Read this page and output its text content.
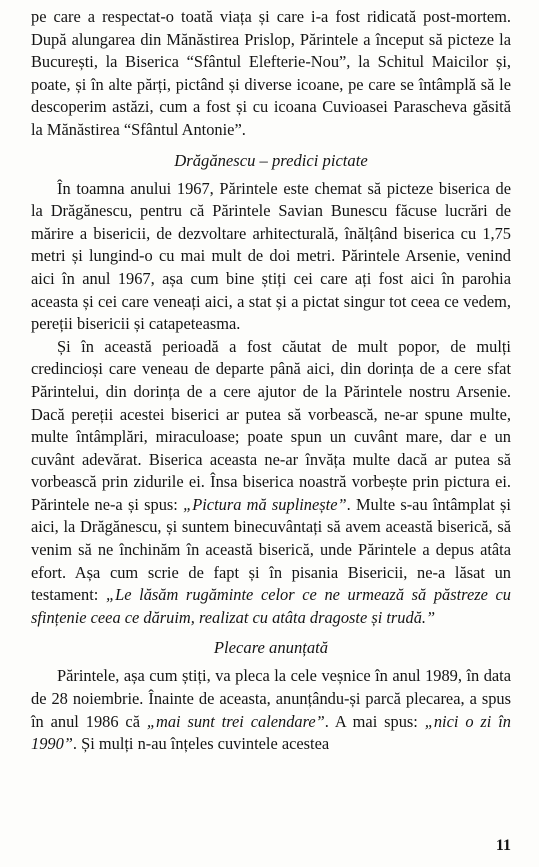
pe care a respectat-o toată viața și care i-a fost ridicată post-mortem. După alungarea din Mănăstirea Prislop, Părintele a început să picteze la București, la Biserica “Sfântul Elefterie-Nou”, la Schitul Maicilor și, poate, și în alte părți, pictând și diverse icoane, pe care se întâmplă să le descoperim astăzi, cum a fost și cu icoana Cuvioasei Parascheva găsită la Mănăstirea “Sfântul Antonie”.

Drăgănescu – predici pictate

În toamna anului 1967, Părintele este chemat să picteze biserica de la Drăgănescu, pentru că Părintele Savian Bunescu făcuse lucrări de mărire a bisericii, de dezvoltare arhitecturală, înălțând biserica cu 1,75 metri și lungind-o cu mai mult de doi metri. Părintele Arsenie, venind aici în anul 1967, așa cum bine știți cei care ați fost aici în parohia aceasta și cei care veneați aici, a stat și a pictat singur tot ceea ce vedem, pereții bisericii și catapeteasma.

Și în această perioadă a fost căutat de mult popor, de mulți credincioși care veneau de departe până aici, din dorința de a cere sfat Părintelui, din dorința de a cere ajutor de la Părintele nostru Arsenie. Dacă pereții acestei biserici ar putea să vorbească, ne-ar spune multe, multe întâmplări, miraculoase; poate spun un cuvânt mare, dar e un cuvânt adevărat. Biserica aceasta ne-ar învăța multe dacă ar putea să vorbească prin zidurile ei. Însa biserica noastră vorbește prin pictura ei. Părintele ne-a și spus: „Pictura mă suplinește”. Multe s-au întâmplat și aici, la Drăgănescu, și suntem binecuvântați să avem această biserică, să venim să ne închinăm în această biserică, unde Părintele a depus atâta efort. Așa cum scrie de fapt și în pisania Bisericii, ne-a lăsat un testament: „Le lăsăm rugăminte celor ce ne urmează să păstreze cu sfințenie ceea ce dăruim, realizat cu atâta dragoste și trudă.”

Plecare anunțată

Părintele, așa cum știți, va pleca la cele veșnice în anul 1989, în data de 28 noiembrie. Înainte de aceasta, anunțându-și parcă plecarea, a spus în anul 1986 că „mai sunt trei calendare”. A mai spus: „nici o zi în 1990”. Și mulți n-au înțeles cuvintele acestea

11
